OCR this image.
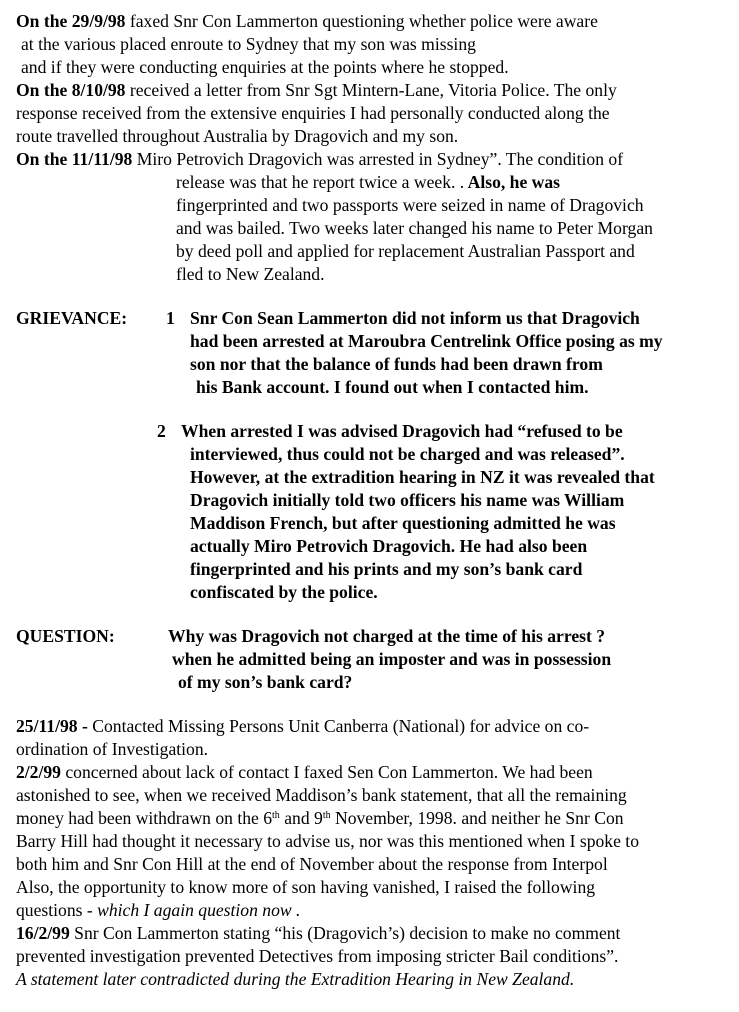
On the 29/9/98 faxed Snr Con Lammerton questioning whether police were aware
at the various placed enroute to Sydney that my son was missing
and if they were conducting enquiries at the points where he stopped.
On the 8/10/98 received a letter from Snr Sgt Mintern-Lane, Vitoria Police. The only
response received from the extensive enquiries I had personally conducted along the
route travelled throughout Australia by Dragovich and my son.
On the 11/11/98 Miro Petrovich Dragovich was arrested in Sydney”. The condition of
release was that he report twice a week. . Also, he was
fingerprinted and two passports were seized in name of Dragovich
and was bailed. Two weeks later changed his name to Peter Morgan
by deed poll and applied for replacement Australian Passport and
fled to New Zealand.
GRIEVANCE: 1 Snr Con Sean Lammerton did not inform us that Dragovich
had been arrested at Maroubra Centrelink Office posing as my
son nor that the balance of funds had been drawn from
his Bank account. I found out when I contacted him.
2 When arrested I was advised Dragovich had “refused to be
interviewed, thus could not be charged and was released”.
However, at the extradition hearing in NZ it was revealed that
Dragovich initially told two officers his name was William
Maddison French, but after questioning admitted he was
actually Miro Petrovich Dragovich. He had also been
fingerprinted and his prints and my son’s bank card
confiscated by the police.
QUESTION:	Why was Dragovich not charged at the time of his arrest ?
when he admitted being an imposter and was in possession
of my son’s bank card?
25/11/98 - Contacted Missing Persons Unit Canberra (National) for advice on co-
ordination of Investigation.
2/2/99 concerned about lack of contact I faxed Sen Con Lammerton. We had been
astonished to see, when we received Maddison’s bank statement, that all the remaining
money had been withdrawn on the 6th and 9th November, 1998. and neither he Snr Con
Barry Hill had thought it necessary to advise us, nor was this mentioned when I spoke to
both him and Snr Con Hill at the end of November about the response from Interpol
Also, the opportunity to know more of son having vanished, I raised the following
questions - which I again question now .
16/2/99 Snr Con Lammerton stating “his (Dragovich’s) decision to make no comment
prevented investigation prevented Detectives from imposing stricter Bail conditions”.
A statement later contradicted during the Extradition Hearing in New Zealand.
